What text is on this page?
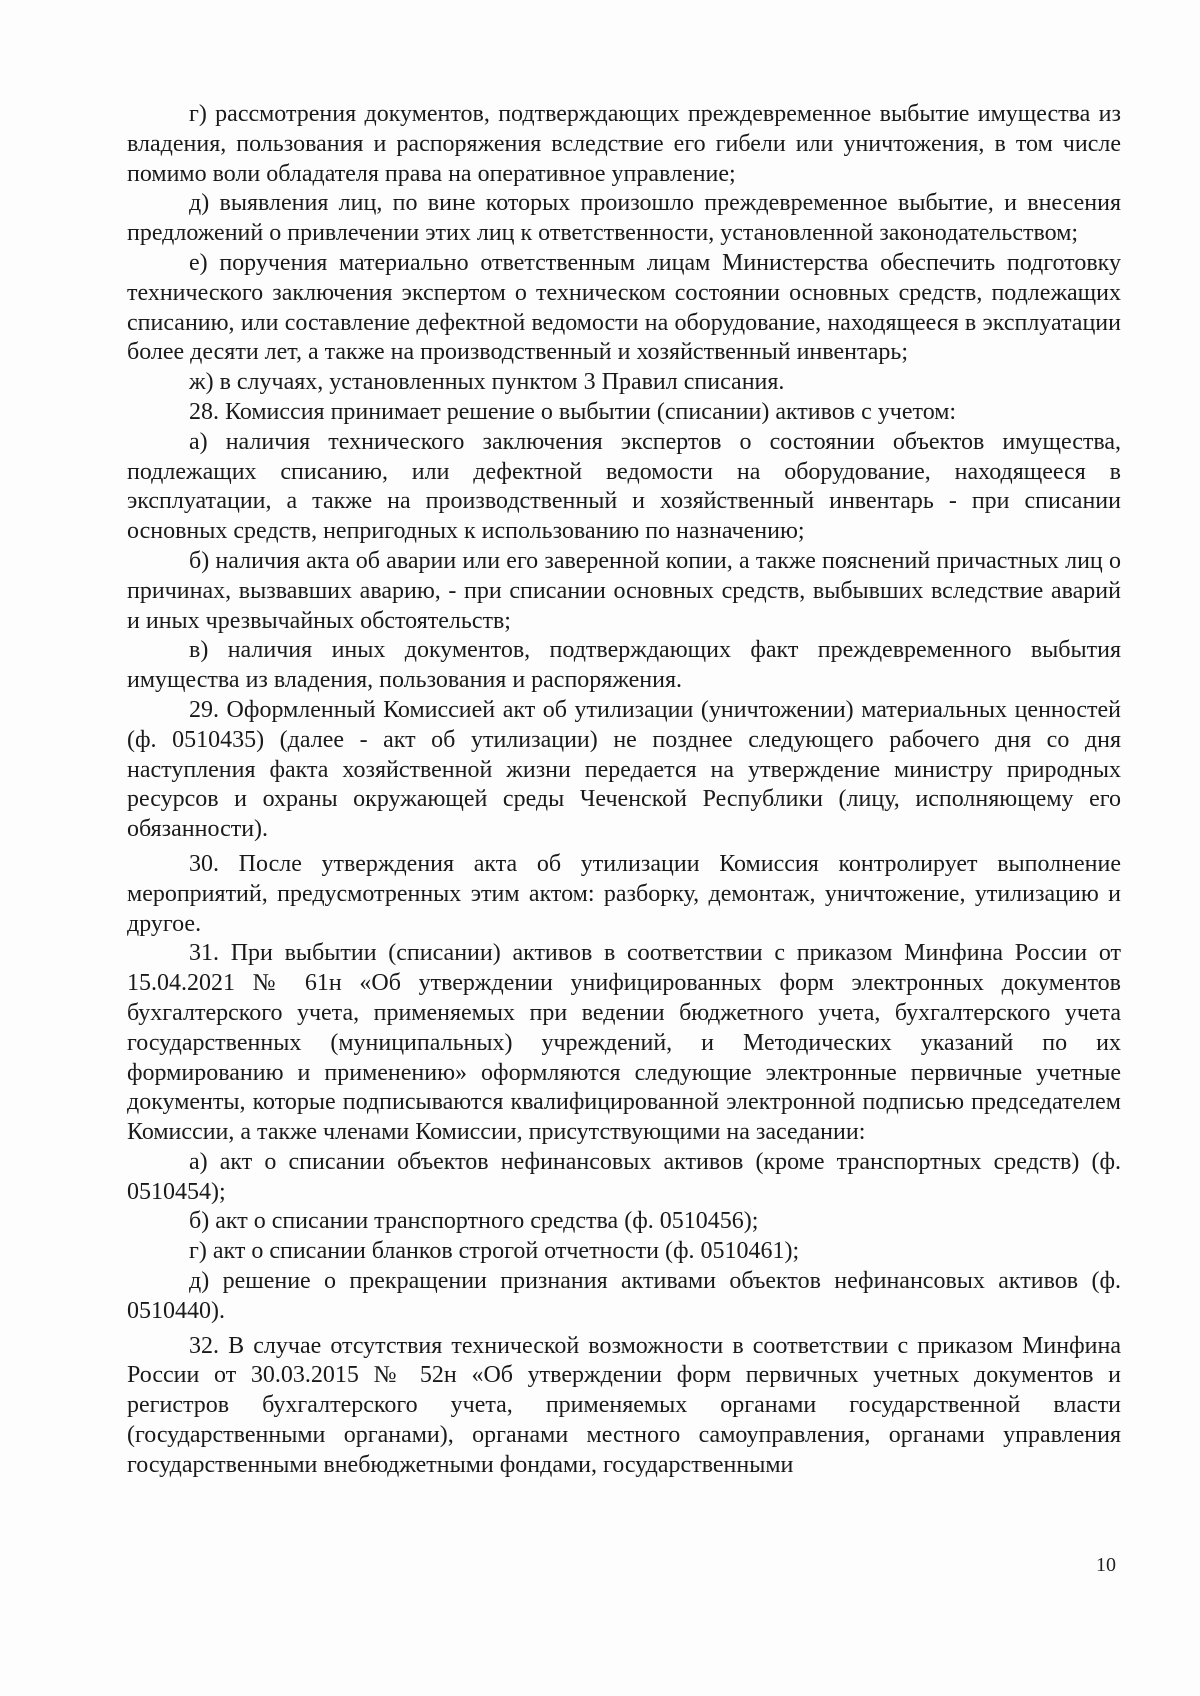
г) рассмотрения документов, подтверждающих преждевременное выбытие имущества из владения, пользования и распоряжения вследствие его гибели или уничтожения, в том числе помимо воли обладателя права на оперативное управление;

д) выявления лиц, по вине которых произошло преждевременное выбытие, и внесения предложений о привлечении этих лиц к ответственности, установленной законодательством;

е) поручения материально ответственным лицам Министерства обеспечить подготовку технического заключения экспертом о техническом состоянии основных средств, подлежащих списанию, или составление дефектной ведомости на оборудование, находящееся в эксплуатации более десяти лет, а также на производственный и хозяйственный инвентарь;

ж) в случаях, установленных пунктом 3 Правил списания.

28. Комиссия принимает решение о выбытии (списании) активов с учетом:

а) наличия технического заключения экспертов о состоянии объектов имущества, подлежащих списанию, или дефектной ведомости на оборудование, находящееся в эксплуатации, а также на производственный и хозяйственный инвентарь - при списании основных средств, непригодных к использованию по назначению;

б) наличия акта об аварии или его заверенной копии, а также пояснений причастных лиц о причинах, вызвавших аварию, - при списании основных средств, выбывших вследствие аварий и иных чрезвычайных обстоятельств;

в) наличия иных документов, подтверждающих факт преждевременного выбытия имущества из владения, пользования и распоряжения.

29. Оформленный Комиссией акт об утилизации (уничтожении) материальных ценностей (ф. 0510435) (далее - акт об утилизации) не позднее следующего рабочего дня со дня наступления факта хозяйственной жизни передается на утверждение министру природных ресурсов и охраны окружающей среды Чеченской Республики (лицу, исполняющему его обязанности).

30. После утверждения акта об утилизации Комиссия контролирует выполнение мероприятий, предусмотренных этим актом: разборку, демонтаж, уничтожение, утилизацию и другое.

31. При выбытии (списании) активов в соответствии с приказом Минфина России от 15.04.2021 № 61н «Об утверждении унифицированных форм электронных документов бухгалтерского учета, применяемых при ведении бюджетного учета, бухгалтерского учета государственных (муниципальных) учреждений, и Методических указаний по их формированию и применению» оформляются следующие электронные первичные учетные документы, которые подписываются квалифицированной электронной подписью председателем Комиссии, а также членами Комиссии, присутствующими на заседании:

а) акт о списании объектов нефинансовых активов (кроме транспортных средств) (ф. 0510454);

б) акт о списании транспортного средства (ф. 0510456);

г) акт о списании бланков строгой отчетности (ф. 0510461);

д) решение о прекращении признания активами объектов нефинансовых активов (ф. 0510440).

32. В случае отсутствия технической возможности в соответствии с приказом Минфина России от 30.03.2015 № 52н «Об утверждении форм первичных учетных документов и регистров бухгалтерского учета, применяемых органами государственной власти (государственными органами), органами местного самоуправления, органами управления государственными внебюджетными фондами, государственными

10
